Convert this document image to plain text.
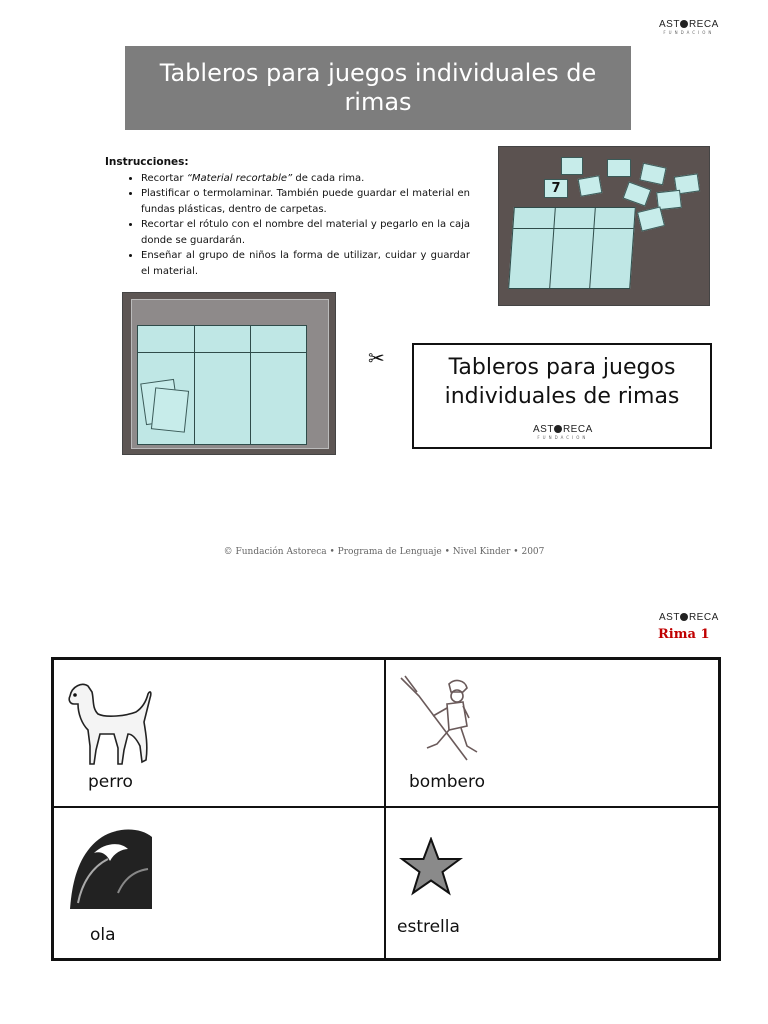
AST RECA
FUNDACION
Tableros para juegos individuales de rimas
Instrucciones:
• Recortar “Material recortable” de cada rima.
• Plastificar o termolaminar. También puede guardar el material en fundas plásticas, dentro de carpetas.
• Recortar el rótulo con el nombre del material y pegarlo en la caja donde se guardarán.
• Enseñar al grupo de niños la forma de utilizar, cuidar y guardar el material.
7
✂	Tableros para juegos individuales de rimas
AST RECA
FUNDACION
© Fundación Astoreca • Programa de Lenguaje • Nivel Kinder • 2007
AST RECA
Rima 1
perro	bombero
ola	estrella
